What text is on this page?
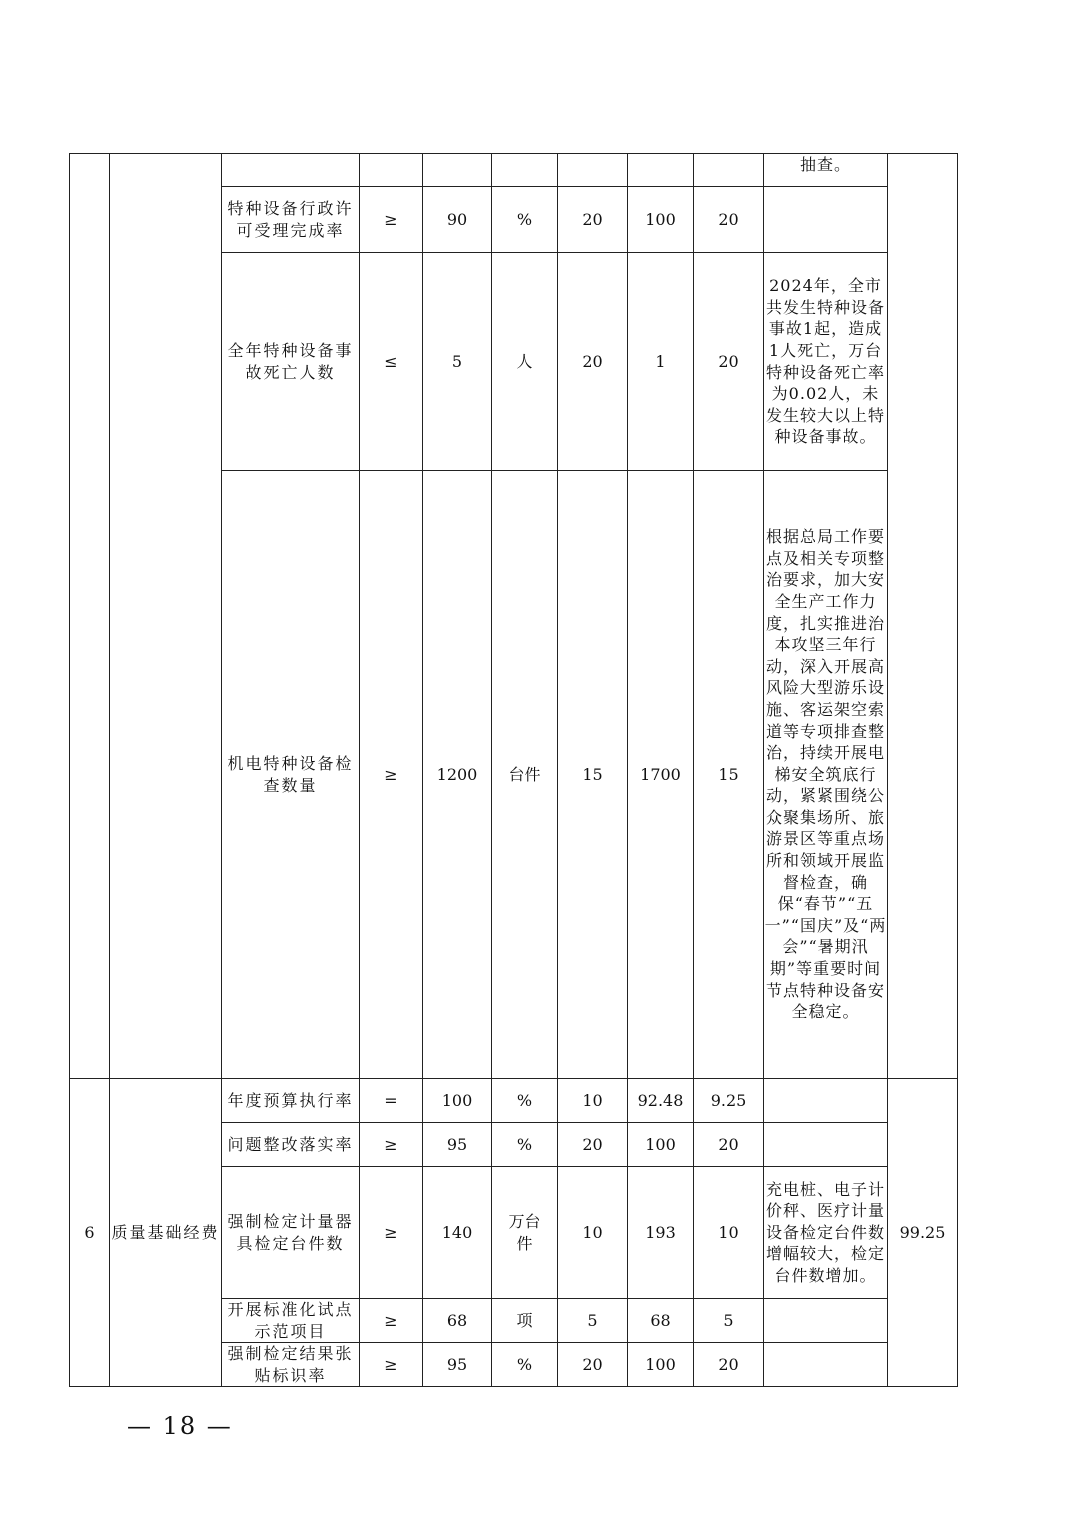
									抽查。	
		特种设备行政许可受理完成率	≥	90	%	20	100	20		
		全年特种设备事故死亡人数	≤	5	人	20	1	20	2024年，全市共发生特种设备事故1起，造成1人死亡，万台特种设备死亡率为0.02人，未发生较大以上特种设备事故。	
		机电特种设备检查数量	≥	1200	台件	15	1700	15	根据总局工作要点及相关专项整治要求，加大安全生产工作力度，扎实推进治本攻坚三年行动，深入开展高风险大型游乐设施、客运架空索道等专项排查整治，持续开展电梯安全筑底行动，紧紧围绕公众聚集场所、旅游景区等重点场所和领域开展监督检查，确保“春节”“五一”“国庆”及“两会”“暑期汛期”等重要时间节点特种设备安全稳定。	
6	质量基础经费	年度预算执行率	=	100	%	10	92.48	9.25		99.25
		问题整改落实率	≥	95	%	20	100	20		
		强制检定计量器具检定台件数	≥	140	万台件	10	193	10	充电桩、电子计价秤、医疗计量设备检定台件数增幅较大，检定台件数增加。	
		开展标准化试点示范项目	≥	68	项	5	68	5		
		强制检定结果张贴标识率	≥	95	%	20	100	20		
— 18 —
